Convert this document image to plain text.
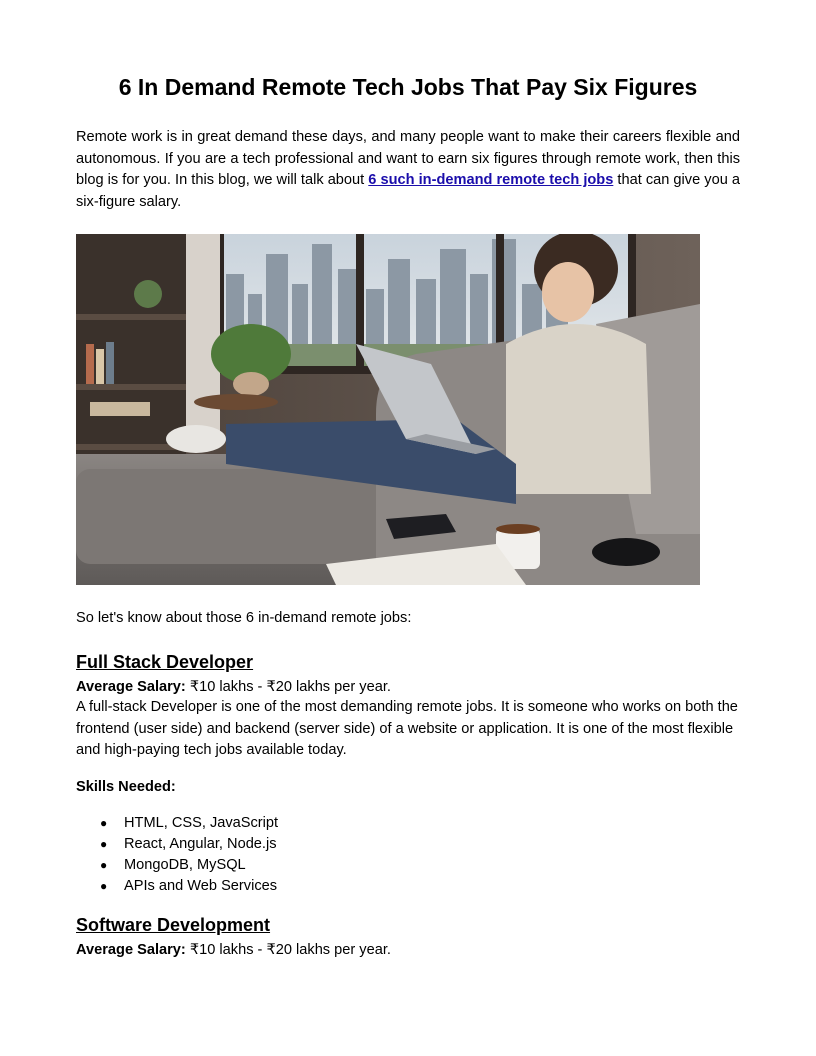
6 In Demand Remote Tech Jobs That Pay Six Figures

Remote work is in great demand these days, and many people want to make their careers flexible and autonomous. If you are a tech professional and want to earn six figures through remote work, then this blog is for you. In this blog, we will talk about 6 such in-demand remote tech jobs that can give you a six-figure salary.

So let's know about those 6 in-demand remote jobs:

Full Stack Developer

Average Salary: ₹10 lakhs - ₹20 lakhs per year.

A full-stack Developer is one of the most demanding remote jobs. It is someone who works on both the frontend (user side) and backend (server side) of a website or application. It is one of the most flexible and high-paying tech jobs available today.

Skills Needed:

● HTML, CSS, JavaScript
● React, Angular, Node.js
● MongoDB, MySQL
● APIs and Web Services
Software Development

Average Salary: ₹10 lakhs - ₹20 lakhs per year.
